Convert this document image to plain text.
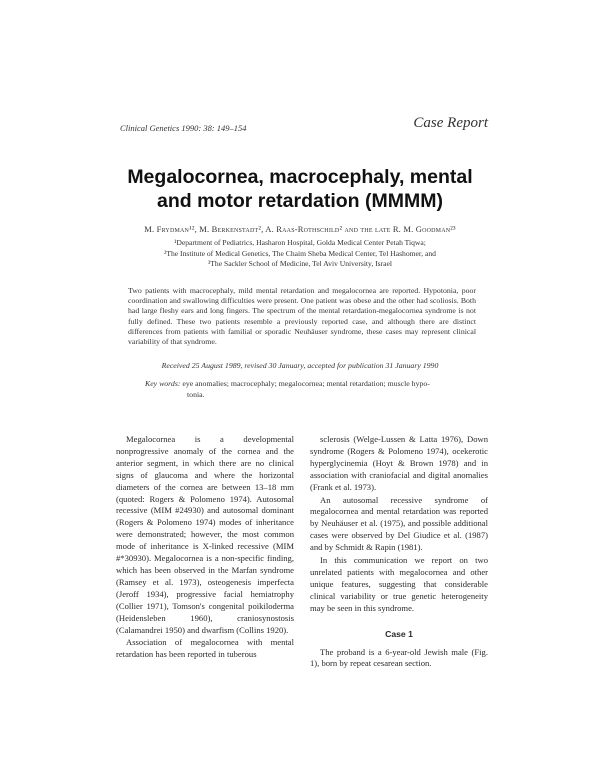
Clinical Genetics 1990: 38: 149–154	Case Report
Megalocornea, macrocephaly, mental
and motor retardation (MMMM)
M. Frydman¹², M. Berkenstadt², A. Raas-Rothschild² and the late R. M. Goodman²³
¹Department of Pediatrics, Hasharon Hospital, Golda Medical Center Petah Tiqwa;
²The Institute of Medical Genetics, The Chaim Sheba Medical Center, Tel Hashomer, and
³The Sackler School of Medicine, Tel Aviv University, Israel
Two patients with macrocephaly, mild mental retardation and megalocornea are reported. Hypotonia, poor coordination and swallowing difficulties were present. One patient was obese and the other had scoliosis. Both had large fleshy ears and long fingers. The spectrum of the mental retardation-megalocornea syndrome is not fully defined. These two patients resemble a previously reported case, and although there are distinct differences from patients with familial or sporadic Neuhäuser syndrome, these cases may represent clinical variability of that syndrome.
Received 25 August 1989, revised 30 January, accepted for publication 31 January 1990
Key words: eye anomalies; macrocephaly; megalocornea; mental retardation; muscle hypo-
tonia.

Megalocornea is a developmental nonprogressive anomaly of the cornea and the anterior segment, in which there are no clinical signs of glaucoma and where the horizontal diameters of the cornea are between 13–18 mm (quoted: Rogers & Polomeno 1974). Autosomal recessive (MIM #24930) and autosomal dominant (Rogers & Polomeno 1974) modes of inheritance were demonstrated; however, the most common mode of inheritance is X-linked recessive (MIM #*30930). Megalocornea is a non-specific finding, which has been observed in the Marfan syndrome (Ramsey et al. 1973), osteogenesis imperfecta (Jeroff 1934), progressive facial hemiatrophy (Collier 1971), Tomson's congenital poikiloderma (Heidensleben 1960), craniosynostosis (Calamandrei 1950) and dwarfism (Collins 1920).

Association of megalocornea with mental retardation has been reported in tuberous

sclerosis (Welge-Lussen & Latta 1976), Down syndrome (Rogers & Polomeno 1974), ocekerotic hyperglycinemia (Hoyt & Brown 1978) and in association with craniofacial and digital anomalies (Frank et al. 1973).

An autosomal recessive syndrome of megalocornea and mental retardation was reported by Neuhäuser et al. (1975), and possible additional cases were observed by Del Giudice et al. (1987) and by Schmidt & Rapin (1981).

In this communication we report on two unrelated patients with megalocornea and other unique features, suggesting that considerable clinical variability or true genetic heterogeneity may be seen in this syndrome.

Case 1

The proband is a 6-year-old Jewish male (Fig. 1), born by repeat cesarean section.
